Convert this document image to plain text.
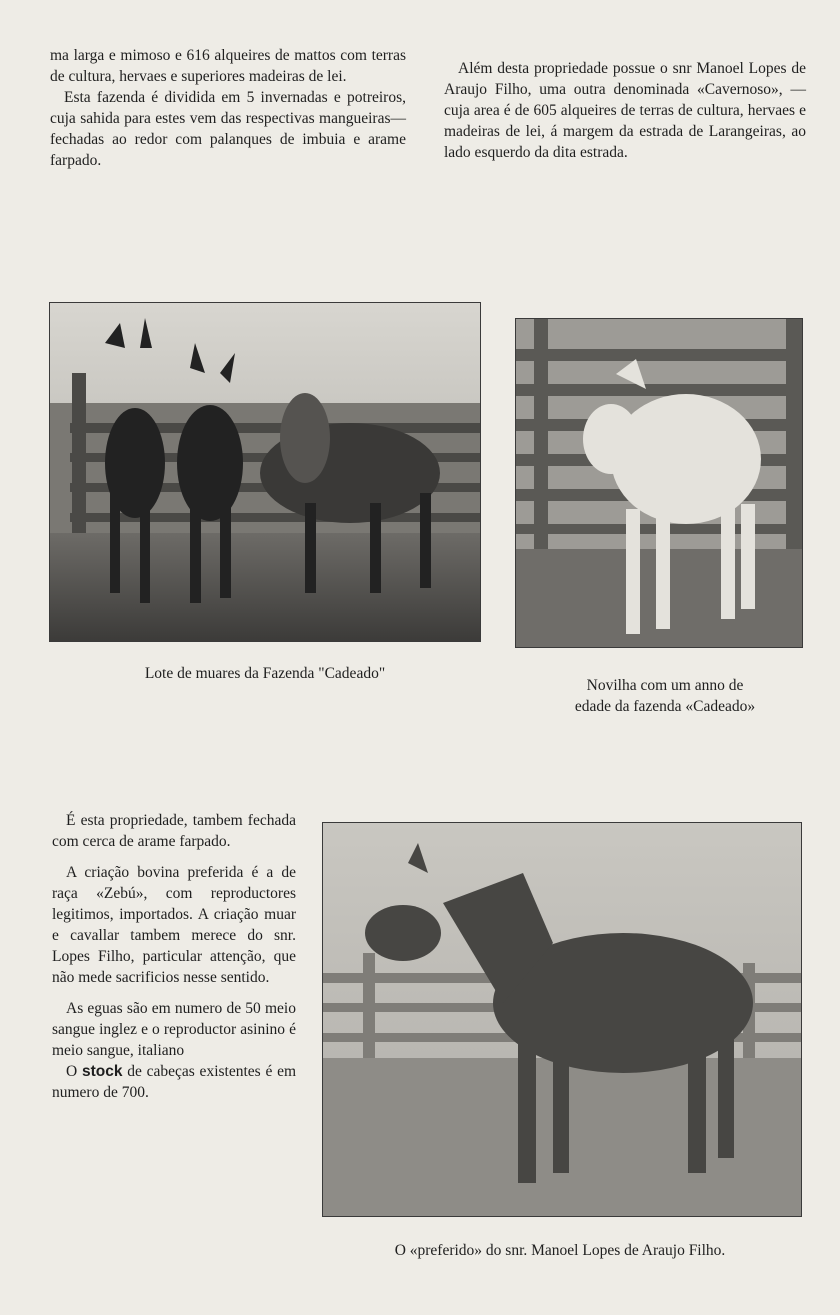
ma larga e mimoso e 616 alqueires de mattos com terras de cultura, hervaes e superiores madeiras de lei.

Esta fazenda é dividida em 5 invernadas e potreiros, cuja sahida para estes vem das respectivas mangueiras—fechadas ao redor com palanques de imbuia e arame farpado.

Além desta propriedade possue o snr Manoel Lopes de Araujo Filho, uma outra denominada «Cavernoso», — cuja area é de 605 alqueires de terras de cultura, hervaes e madeiras de lei, á margem da estrada de Larangeiras, ao lado esquerdo da dita estrada.

Lote de muares da Fazenda "Cadeado"
Novilha com um anno de
edade da fazenda «Cadeado»

É esta propriedade, tambem fechada com cerca de arame farpado.

A criação bovina preferida é a de raça «Zebú», com reproductores legitimos, importados. A criação muar e cavallar tambem merece do snr. Lopes Filho, particular attenção, que não mede sacrificios nesse sentido.

As eguas são em numero de 50 meio sangue inglez e o reproductor asinino é meio sangue, italiano

O stock de cabeças existentes é em numero de 700.

O «preferido» do snr. Manoel Lopes de Araujo Filho.
